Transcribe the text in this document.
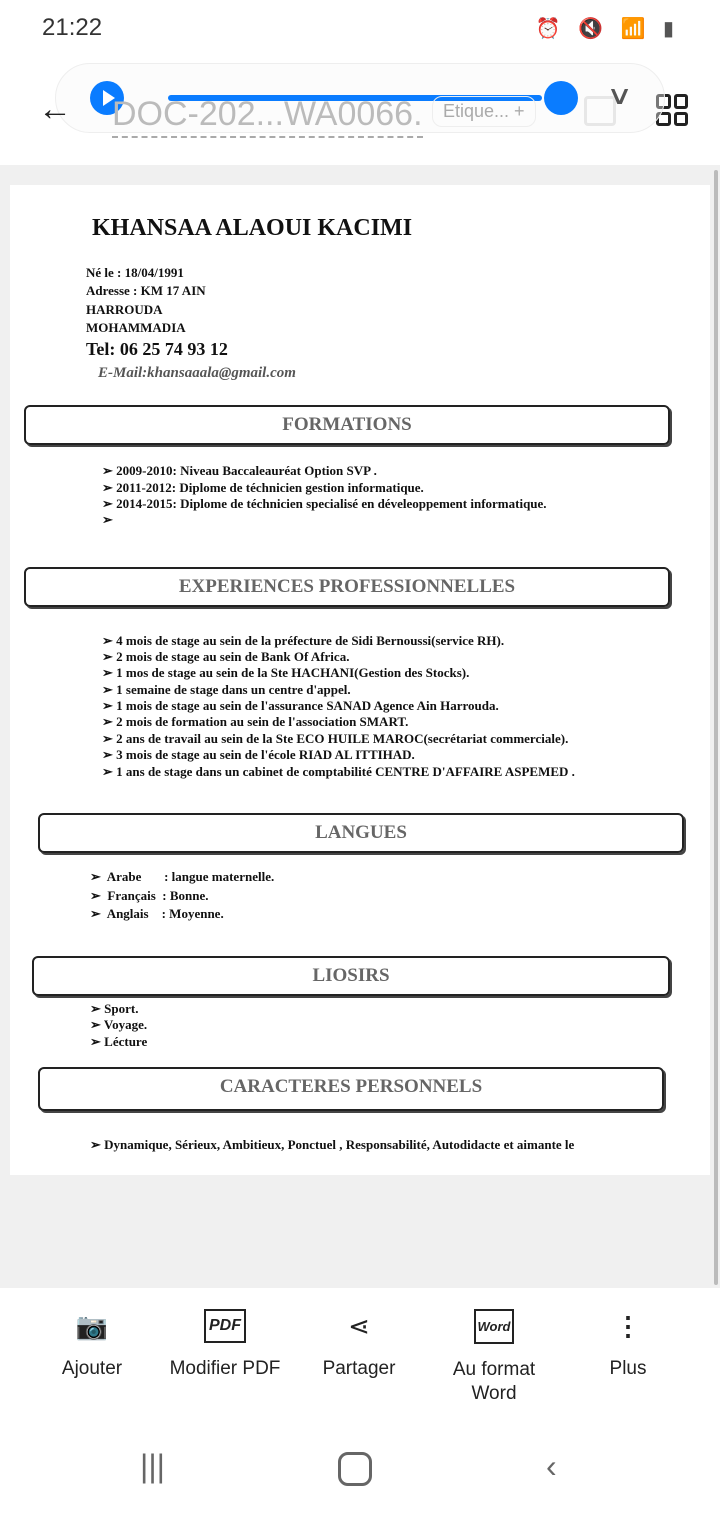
21:22	⏰ 🔇 📶 ▮
← DOC-202...WA0066.	Etique... +
∨
KHANSAA ALAOUI KACIMI
Né le : 18/04/1991
Adresse : KM 17 AIN
HARROUDA
MOHAMMADIA
Tel: 06 25 74 93 12
E-Mail:khansaaala@gmail.com
FORMATIONS
➢ 2009-2010: Niveau Baccaleauréat Option SVP .
➢ 2011-2012: Diplome de téchnicien gestion informatique.
➢ 2014-2015: Diplome de téchnicien specialisé en déveleoppement informatique.
➢
EXPERIENCES PROFESSIONNELLES
➢ 4 mois de stage au sein de la préfecture de Sidi Bernoussi(service RH).
➢ 2 mois de stage au sein de Bank Of Africa.
➢ 1 mos de stage au sein de la Ste HACHANI(Gestion des Stocks).
➢ 1 semaine de stage dans un centre d'appel.
➢ 1 mois de stage au sein de l'assurance SANAD Agence Ain Harrouda.
➢ 2 mois de formation au sein de l'association SMART.
➢ 2 ans de travail au sein de la Ste ECO HUILE MAROC(secrétariat commerciale).
➢ 3 mois de stage au sein de l'école RIAD AL ITTIHAD.
➢ 1 ans de stage dans un cabinet de comptabilité CENTRE D'AFFAIRE ASPEMED .
LANGUES
➢  Arabe       : langue maternelle.
➢  Français  : Bonne.
➢  Anglais    : Moyenne.
LIOSIRS
➢ Sport.
➢ Voyage.
➢ Lécture
CARACTERES PERSONNELS
➢ Dynamique, Sérieux, Ambitieux, Ponctuel , Responsabilité, Autodidacte et aimante le
📷
Ajouter
PDF
Modifier PDF
⋖
Partager
Word
Au format Word
⋮
Plus
|||	‹
